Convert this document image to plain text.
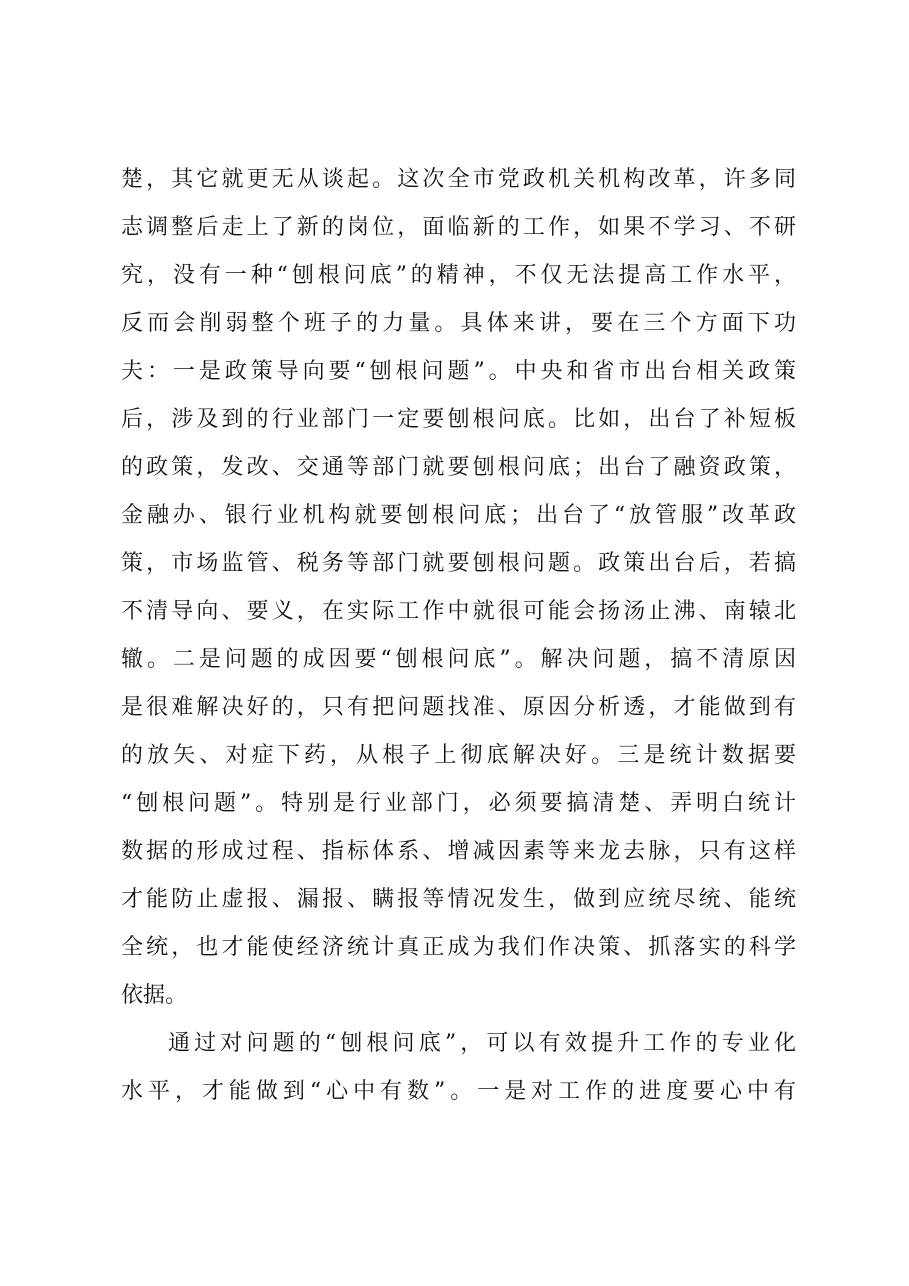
楚，其它就更无从谈起。这次全市党政机关机构改革，许多同
志调整后走上了新的岗位，面临新的工作，如果不学习、不研
究，没有一种“刨根问底”的精神，不仅无法提高工作水平，
反而会削弱整个班子的力量。具体来讲，要在三个方面下功
夫：一是政策导向要“刨根问题”。中央和省市出台相关政策
后，涉及到的行业部门一定要刨根问底。比如，出台了补短板
的政策，发改、交通等部门就要刨根问底；出台了融资政策，
金融办、银行业机构就要刨根问底；出台了“放管服”改革政
策，市场监管、税务等部门就要刨根问题。政策出台后，若搞
不清导向、要义，在实际工作中就很可能会扬汤止沸、南辕北
辙。二是问题的成因要“刨根问底”。解决问题，搞不清原因
是很难解决好的，只有把问题找准、原因分析透，才能做到有
的放矢、对症下药，从根子上彻底解决好。三是统计数据要
“刨根问题”。特别是行业部门，必须要搞清楚、弄明白统计
数据的形成过程、指标体系、增减因素等来龙去脉，只有这样
才能防止虚报、漏报、瞒报等情况发生，做到应统尽统、能统
全统，也才能使经济统计真正成为我们作决策、抓落实的科学
依据。
通过对问题的“刨根问底”，可以有效提升工作的专业化
水平，才能做到“心中有数”。一是对工作的进度要心中有
